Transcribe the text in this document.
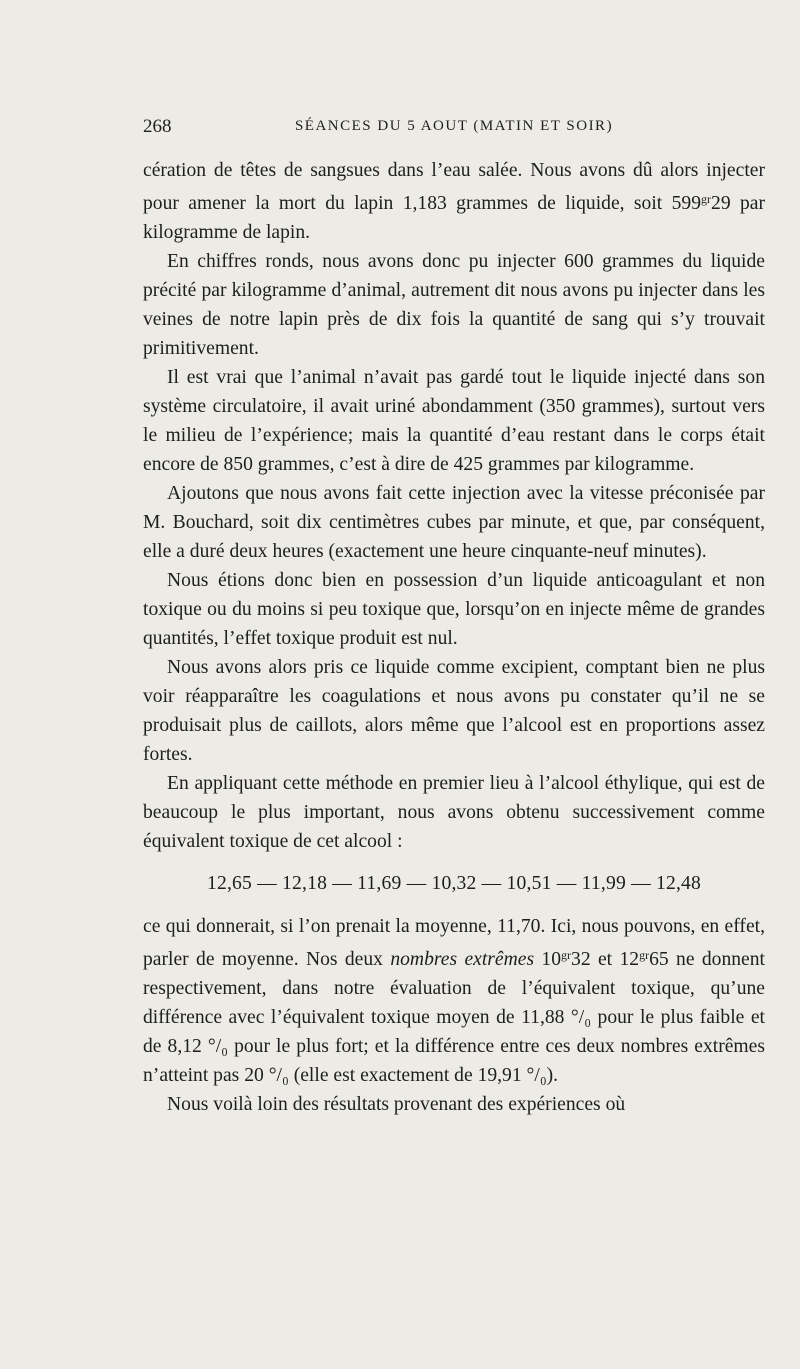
268	SÉANCES DU 5 AOUT (MATIN ET SOIR)

cération de têtes de sangsues dans l’eau salée. Nous avons dû alors injecter pour amener la mort du lapin 1,183 grammes de liquide, soit $599^{gr}29$ par kilogramme de lapin.

En chiffres ronds, nous avons donc pu injecter 600 grammes du liquide précité par kilogramme d’animal, autrement dit nous avons pu injecter dans les veines de notre lapin près de dix fois la quantité de sang qui s’y trouvait primitivement.

Il est vrai que l’animal n’avait pas gardé tout le liquide injecté dans son système circulatoire, il avait uriné abondamment (350 grammes), surtout vers le milieu de l’expérience; mais la quantité d’eau restant dans le corps était encore de 850 grammes, c’est à dire de 425 grammes par kilogramme.

Ajoutons que nous avons fait cette injection avec la vitesse préconisée par M. Bouchard, soit dix centimètres cubes par minute, et que, par conséquent, elle a duré deux heures (exactement une heure cinquante-neuf minutes).

Nous étions donc bien en possession d’un liquide anticoagulant et non toxique ou du moins si peu toxique que, lorsqu’on en injecte même de grandes quantités, l’effet toxique produit est nul.

Nous avons alors pris ce liquide comme excipient, comptant bien ne plus voir réapparaître les coagulations et nous avons pu constater qu’il ne se produisait plus de caillots, alors même que l’alcool est en proportions assez fortes.

En appliquant cette méthode en premier lieu à l’alcool éthylique, qui est de beaucoup le plus important, nous avons obtenu successivement comme équivalent toxique de cet alcool :

12,65 — 12,18 — 11,69 — 10,32 — 10,51 — 11,99 — 12,48

ce qui donnerait, si l’on prenait la moyenne, 11,70. Ici, nous pouvons, en effet, parler de moyenne. Nos deux nombres extrêmes $10^{gr}32$ et $12^{gr}65$ ne donnent respectivement, dans notre évaluation de l’équivalent toxique, qu’une différence avec l’équivalent toxique moyen de 11,88 °/₀ pour le plus faible et de 8,12 °/₀ pour le plus fort; et la différence entre ces deux nombres extrêmes n’atteint pas 20 °/₀ (elle est exactement de 19,91 °/₀).

Nous voilà loin des résultats provenant des expériences où
